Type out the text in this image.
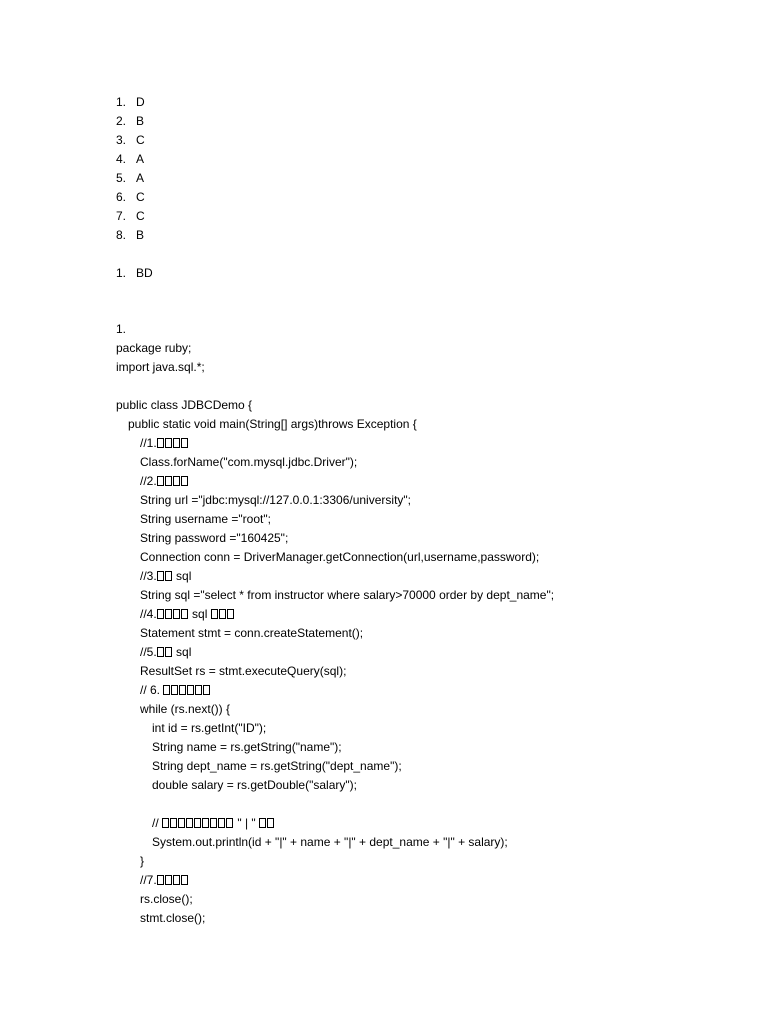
1. D
2. B
3. C
4. A
5. A
6. C
7. C
8. B
1. BD
1.
package ruby;
import java.sql.*;
public class JDBCDemo {
public static void main(String[] args)throws Exception {
//1.
Class.forName("com.mysql.jdbc.Driver");
//2.
String url ="jdbc:mysql://127.0.0.1:3306/university";
String username ="root";
String password ="160425";
Connection conn = DriverManager.getConnection(url,username,password);
//3. sql
String sql ="select * from instructor where salary>70000 order by dept_name";
//4.	sql
Statement stmt = conn.createStatement();
//5. sql
ResultSet rs = stmt.executeQuery(sql);
// 6.
while (rs.next()) {
int id = rs.getInt("ID");
String name = rs.getString("name");
String dept_name = rs.getString("dept_name");
double salary = rs.getDouble("salary");
//	" | "
System.out.println(id + "|" + name + "|" + dept_name + "|" + salary);
}
//7.
rs.close();
stmt.close();
